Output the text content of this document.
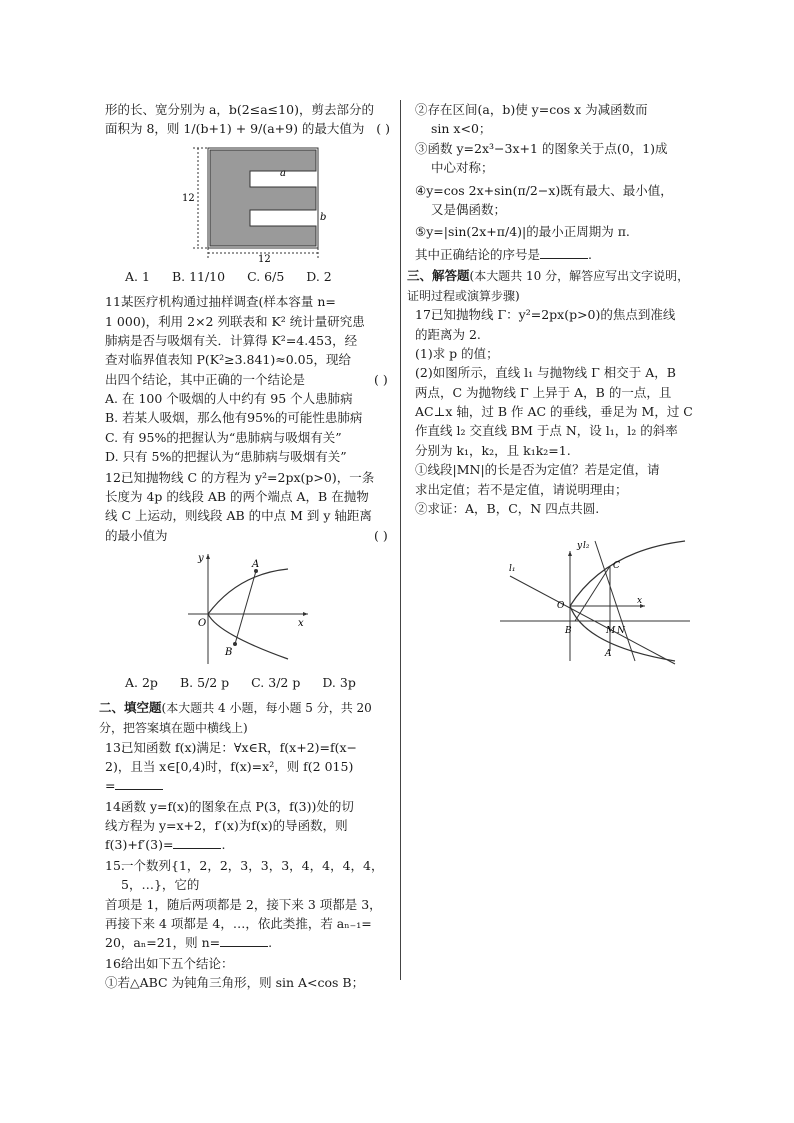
形的长、宽分别为 a，b(2≤a≤10)，剪去部分的

面积为 8，则 1/(b+1) + 9/(a+9) 的最大值为 ( )

a
b
12
12
A. 1 B. 11/10 C. 6/5 D. 2
11.某医疗机构通过抽样调查(样本容量 n=
1 000)，利用 2×2 列联表和 K² 统计量研究患
肺病是否与吸烟有关．计算得 K²=4.453，经
查对临界值表知 P(K²≥3.841)≈0.05，现给
出四个结论，其中正确的一个结论是	( )
A. 在 100 个吸烟的人中约有 95 个人患肺病
B. 若某人吸烟，那么他有95%的可能性患肺病
C. 有 95%的把握认为“患肺病与吸烟有关”
D. 只有 5%的把握认为“患肺病与吸烟有关”
12.已知抛物线 C 的方程为 y²=2px(p>0)，一条
长度为 4p 的线段 AB 的两个端点 A，B 在抛物
线 C 上运动，则线段 AB 的中点 M 到 y 轴距离
的最小值为	( )
y
x
O
A
B
A. 2p B. 5/2 p C. 3/2 p D. 3p

二、填空题(本大题共 4 小题，每小题 5 分，共 20 分，把答案填在题中横线上)

13.已知函数 f(x)满足：∀x∈R，f(x+2)=f(x−
2)，且当 x∈[0,4)时，f(x)=x²，则 f(2 015)
=
14.函数 y=f(x)的图象在点 P(3，f(3))处的切
线方程为 y=x+2，f′(x)为f(x)的导函数，则
f(3)+f′(3)=	.
15.一个数列{1，2，2，3，3，3，4，4，4，4，5，…}，它的
首项是 1，随后两项都是 2，接下来 3 项都是 3，
再接下来 4 项都是 4，…，依此类推，若 aₙ₋₁=
20，aₙ=21，则 n=	.
16.给出如下五个结论：
①若△ABC 为钝角三角形，则 sin A<cos B；
②存在区间(a，b)使 y=cos x 为减函数而
sin x<0；
③函数 y=2x³−3x+1 的图象关于点(0，1)成
中心对称；
④y=cos 2x+sin(π/2−x)既有最大、最小值，
又是偶函数；
⑤y=|sin(2x+π/4)|的最小正周期为 π.
其中正确结论的序号是	.

三、解答题(本大题共 10 分，解答应写出文字说明，证明过程或演算步骤)

17.已知抛物线 Γ：y²=2px(p>0)的焦点到准线
的距离为 2.
(1)求 p 的值；
(2)如图所示，直线 l₁ 与抛物线 Γ 相交于 A，B
两点，C 为抛物线 Γ 上异于 A，B 的一点，且
AC⊥x 轴，过 B 作 AC 的垂线，垂足为 M，过 C
作直线 l₂ 交直线 BM 于点 N，设 l₁，l₂ 的斜率
分别为 k₁，k₂，且 k₁k₂=1.
①线段|MN|的长是否为定值？若是定值，请
求出定值；若不是定值，请说明理由；
②求证：A，B，C，N 四点共圆.
y
x
O
l₁
l₂
C
B	M N
A
